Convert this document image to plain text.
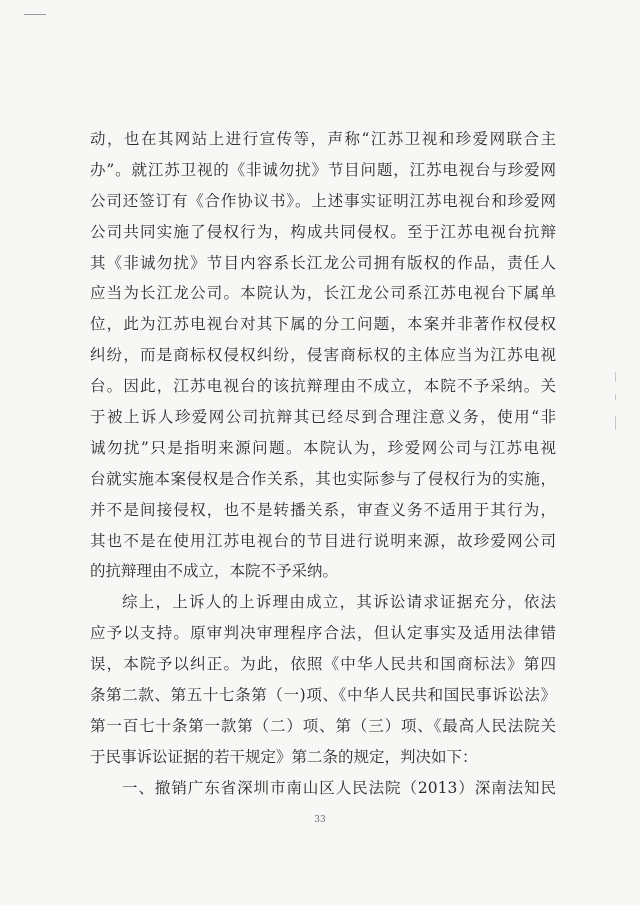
动，也在其网站上进行宣传等，声称“江苏卫视和珍爱网联合主
办”。就江苏卫视的《非诚勿扰》节目问题，江苏电视台与珍爱网
公司还签订有《合作协议书》。上述事实证明江苏电视台和珍爱网
公司共同实施了侵权行为，构成共同侵权。至于江苏电视台抗辩
其《非诚勿扰》节目内容系长江龙公司拥有版权的作品，责任人
应当为长江龙公司。本院认为，长江龙公司系江苏电视台下属单
位，此为江苏电视台对其下属的分工问题，本案并非著作权侵权
纠纷，而是商标权侵权纠纷，侵害商标权的主体应当为江苏电视
台。因此，江苏电视台的该抗辩理由不成立，本院不予采纳。关
于被上诉人珍爱网公司抗辩其已经尽到合理注意义务，使用“非
诚勿扰”只是指明来源问题。本院认为，珍爱网公司与江苏电视
台就实施本案侵权是合作关系，其也实际参与了侵权行为的实施，
并不是间接侵权，也不是转播关系，审查义务不适用于其行为，
其也不是在使用江苏电视台的节目进行说明来源，故珍爱网公司
的抗辩理由不成立，本院不予采纳。
综上，上诉人的上诉理由成立，其诉讼请求证据充分，依法
应予以支持。原审判决审理程序合法，但认定事实及适用法律错
误，本院予以纠正。为此，依照《中华人民共和国商标法》第四
条第二款、第五十七条第（一)项、《中华人民共和国民事诉讼法》
第一百七十条第一款第（二）项、第（三）项、《最高人民法院关
于民事诉讼证据的若干规定》第二条的规定，判决如下：
一、撤销广东省深圳市南山区人民法院（2013）深南法知民
33
